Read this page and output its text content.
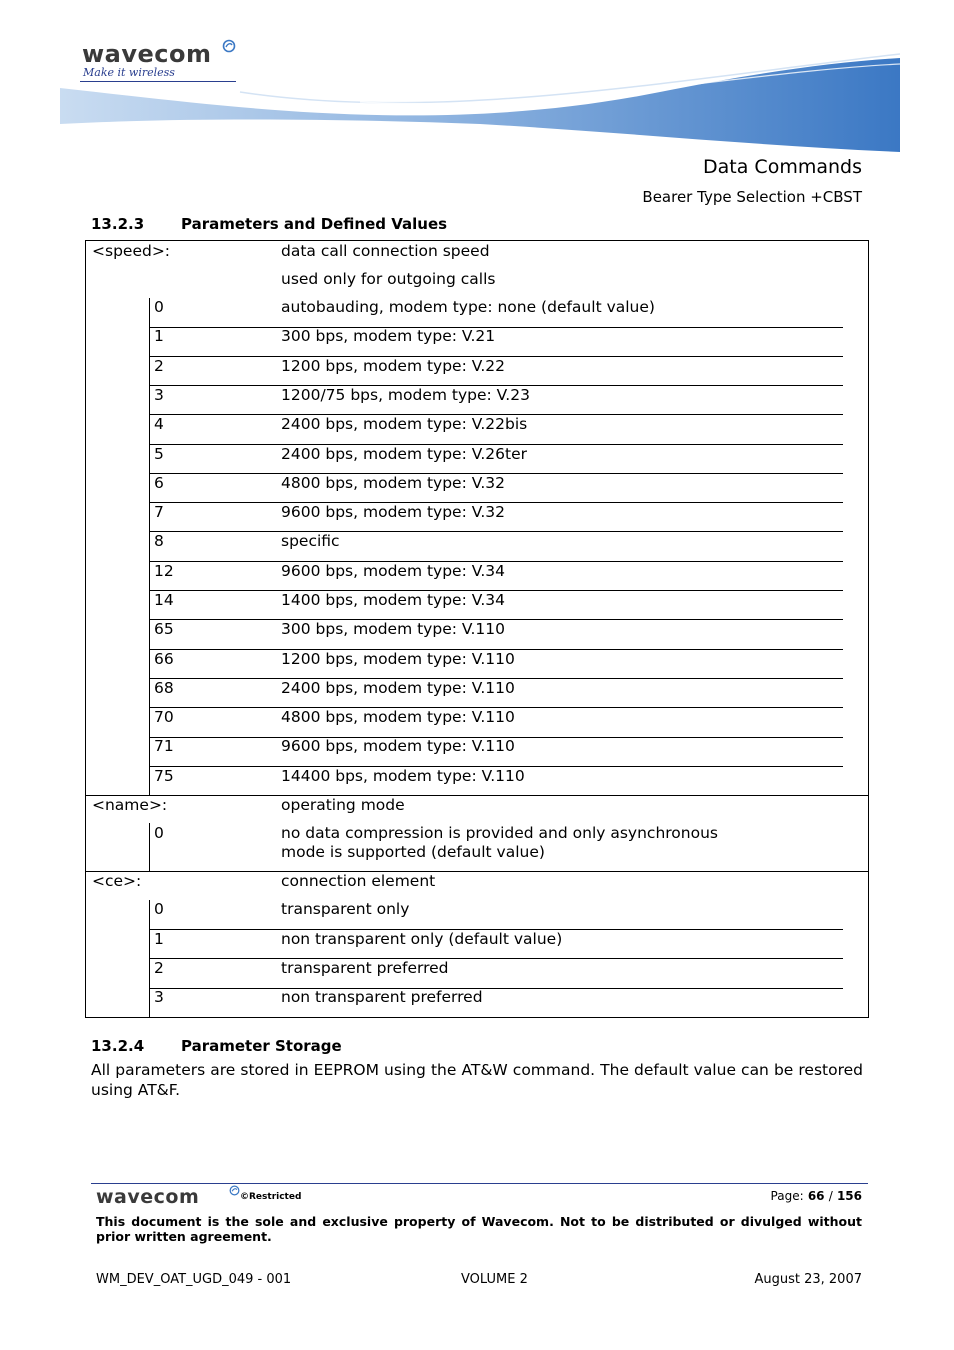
wavecom
Make it wireless
Data Commands
Bearer Type Selection +CBST
13.2.3 Parameters and Defined Values
<speed>:	data call connection speed
used only for outgoing calls
0	autobauding, modem type: none (default value)
1	300 bps, modem type: V.21
2	1200 bps, modem type: V.22
3	1200/75 bps, modem type: V.23
4	2400 bps, modem type: V.22bis
5	2400 bps, modem type: V.26ter
6	4800 bps, modem type: V.32
7	9600 bps, modem type: V.32
8	specific
12	9600 bps, modem type: V.34
14	1400 bps, modem type: V.34
65	300 bps, modem type: V.110
66	1200 bps, modem type: V.110
68	2400 bps, modem type: V.110
70	4800 bps, modem type: V.110
71	9600 bps, modem type: V.110
75	14400 bps, modem type: V.110
<name>:	operating mode
0	no data compression is provided and only asynchronous
mode is supported (default value)
<ce>:	connection element
0	transparent only
1	non transparent only (default value)
2	transparent preferred
3	non transparent preferred
13.2.4 Parameter Storage
All parameters are stored in EEPROM using the AT&W command. The default value can be restored using AT&F.
wavecom	©Restricted	Page: 66 / 156
This document is the sole and exclusive property of Wavecom. Not to be distributed or divulged without prior written agreement.
WM_DEV_OAT_UGD_049 - 001	VOLUME 2	August 23, 2007
